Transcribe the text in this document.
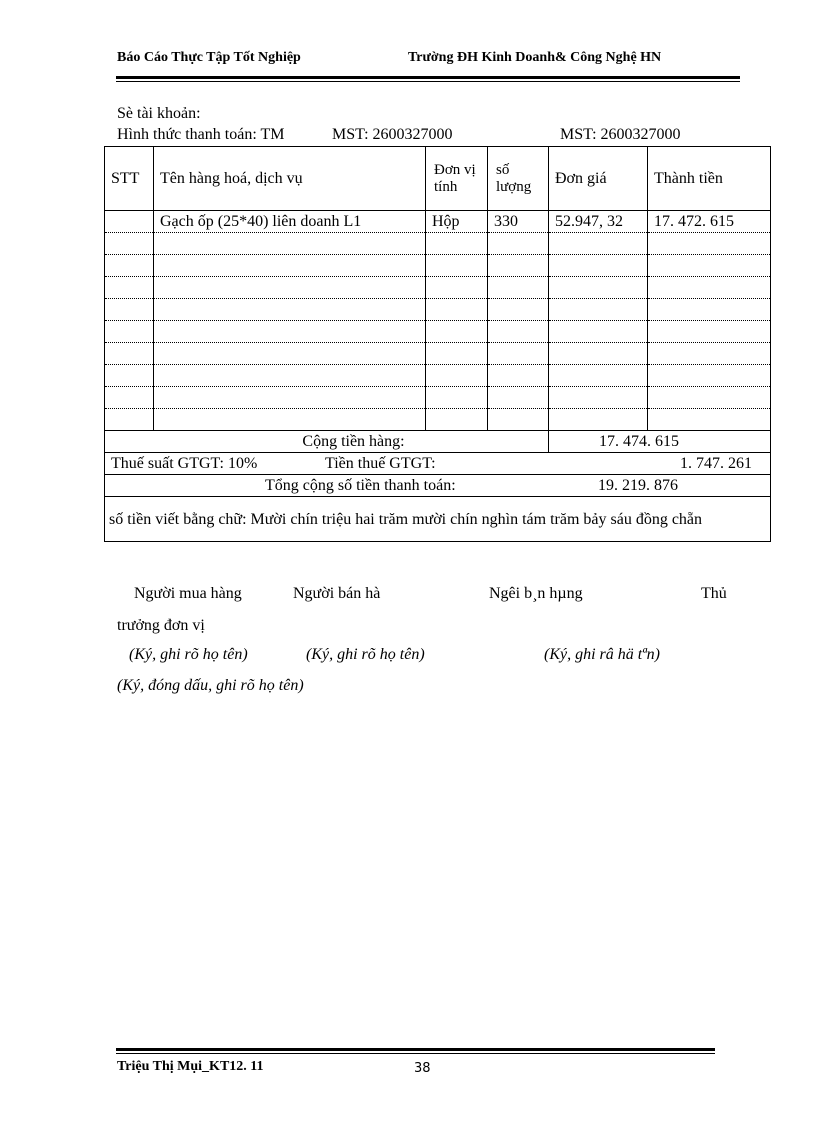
Báo Cáo Thực Tập Tốt Nghiệp	Trường ĐH Kinh Doanh& Công Nghệ HN
Sè tài khoản:
Hình thức thanh toán: TM	MST: 2600327000	MST: 2600327000
STT	Tên hàng hoá, dịch vụ	Đơn vị tính	số lượng	Đơn giá	Thành tiền
	Gạch ốp (25*40) liên doanh L1	Hộp	330	52.947, 32	17. 472. 615

Cộng tiền hàng:				17. 474. 615	
Thuế suất GTGT: 10% Tiền thuế GTGT: 1. 747. 261					

Tổng cộng số tiền thanh toán: 19. 219. 876					

số tiền viết bằng chữ: Mười chín triệu hai trăm mười chín nghìn tám trăm bảy sáu đồng chẵn					
Người mua hàng	Người bán hà	Ngêi b¸n hµng	Thủ
trưởng đơn vị
(Ký, ghi rõ họ tên)	(Ký, ghi rõ họ tên)	(Ký, ghi râ hä tªn)
(Ký, đóng dấu, ghi rõ họ tên)
Triệu Thị Mụi_KT12. 11	38
